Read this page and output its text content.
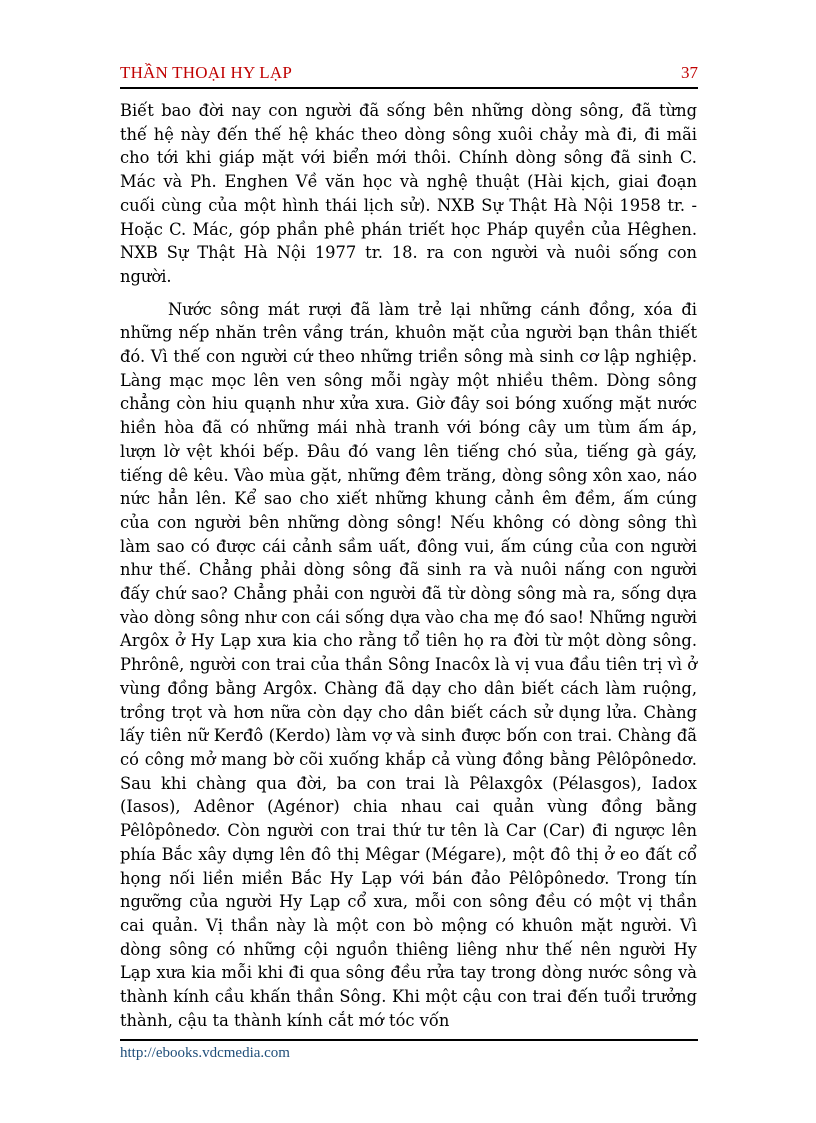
THẦN THOẠI HY LẠP	37

Biết bao đời nay con người đã sống bên những dòng sông, đã từng thế hệ này đến thế hệ khác theo dòng sông xuôi chảy mà đi, đi mãi cho tới khi giáp mặt với biển mới thôi. Chính dòng sông đã sinh C. Mác và Ph. Enghen Về văn học và nghệ thuật (Hài kịch, giai đoạn cuối cùng của một hình thái lịch sử). NXB Sự Thật Hà Nội 1958 tr. -Hoặc C. Mác, góp phần phê phán triết học Pháp quyền của Hêghen. NXB Sự Thật Hà Nội 1977 tr. 18. ra con người và nuôi sống con người.

Nước sông mát rượi đã làm trẻ lại những cánh đồng, xóa đi những nếp nhăn trên vầng trán, khuôn mặt của người bạn thân thiết đó. Vì thế con người cứ theo những triền sông mà sinh cơ lập nghiệp. Làng mạc mọc lên ven sông mỗi ngày một nhiều thêm. Dòng sông chẳng còn hiu quạnh như xửa xưa. Giờ đây soi bóng xuống mặt nước hiền hòa đã có những mái nhà tranh với bóng cây um tùm ấm áp, lượn lờ vệt khói bếp. Đâu đó vang lên tiếng chó sủa, tiếng gà gáy, tiếng dê kêu. Vào mùa gặt, những đêm trăng, dòng sông xôn xao, náo nức hẳn lên. Kể sao cho xiết những khung cảnh êm đềm, ấm cúng của con người bên những dòng sông! Nếu không có dòng sông thì làm sao có được cái cảnh sầm uất, đông vui, ấm cúng của con người như thế. Chẳng phải dòng sông đã sinh ra và nuôi nấng con người đấy chứ sao? Chẳng phải con người đã từ dòng sông mà ra, sống dựa vào dòng sông như con cái sống dựa vào cha mẹ đó sao! Những người Argôx ở Hy Lạp xưa kia cho rằng tổ tiên họ ra đời từ một dòng sông. Phrônê, người con trai của thần Sông Inacôx là vị vua đầu tiên trị vì ở vùng đồng bằng Argôx. Chàng đã dạy cho dân biết cách làm ruộng, trồng trọt và hơn nữa còn dạy cho dân biết cách sử dụng lửa. Chàng lấy tiên nữ Kerđô (Kerdo) làm vợ và sinh được bốn con trai. Chàng đã có công mở mang bờ cõi xuống khắp cả vùng đồng bằng Pêlôpônedơ. Sau khi chàng qua đời, ba con trai là Pêlaxgôx (Pélasgos), Iadox (Iasos), Adênor (Agénor) chia nhau cai quản vùng đồng bằng Pêlôpônedơ. Còn người con trai thứ tư tên là Car (Car) đi ngược lên phía Bắc xây dựng lên đô thị Mêgar (Mégare), một đô thị ở eo đất cổ họng nối liền miền Bắc Hy Lạp với bán đảo Pêlôpônedơ. Trong tín ngưỡng của người Hy Lạp cổ xưa, mỗi con sông đều có một vị thần cai quản. Vị thần này là một con bò mộng có khuôn mặt người. Vì dòng sông có những cội nguồn thiêng liêng như thế nên người Hy Lạp xưa kia mỗi khi đi qua sông đều rửa tay trong dòng nước sông và thành kính cầu khấn thần Sông. Khi một cậu con trai đến tuổi trưởng thành, cậu ta thành kính cắt mớ tóc vốn

http://ebooks.vdcmedia.com
